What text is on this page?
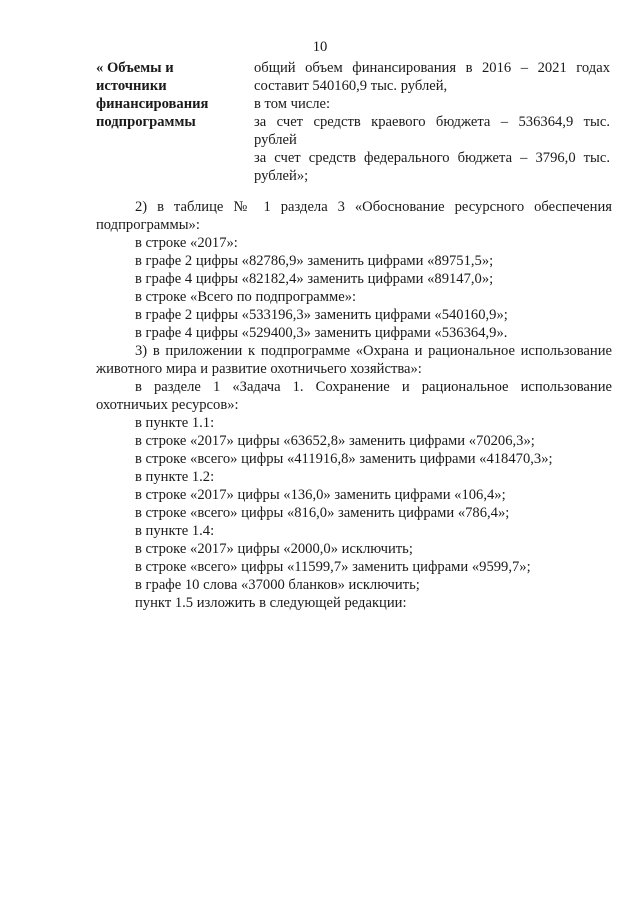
10
« Объемы и
источники
финансирования
подпрограммы
общий объем финансирования в 2016 – 2021 годах
составит 540160,9 тыс. рублей,
в том числе:
за счет средств краевого бюджета – 536364,9 тыс.
рублей
за счет средств федерального бюджета – 3796,0 тыс.
рублей»;
2) в таблице № 1 раздела 3 «Обоснование ресурсного обеспечения
подпрограммы»:
в строке «2017»:
в графе 2 цифры «82786,9» заменить цифрами «89751,5»;
в графе 4 цифры «82182,4» заменить цифрами «89147,0»;
в строке «Всего по подпрограмме»:
в графе 2 цифры «533196,3» заменить цифрами «540160,9»;
в графе 4 цифры «529400,3» заменить цифрами «536364,9».
3) в приложении к подпрограмме «Охрана и рациональное использование
животного мира и развитие охотничьего хозяйства»:
в разделе 1 «Задача 1. Сохранение и рациональное использование
охотничьих ресурсов»:
в пункте 1.1:
в строке «2017» цифры «63652,8» заменить цифрами «70206,3»;
в строке «всего» цифры «411916,8» заменить цифрами «418470,3»;
в пункте 1.2:
в строке «2017» цифры «136,0» заменить цифрами «106,4»;
в строке «всего» цифры «816,0» заменить цифрами «786,4»;
в пункте 1.4:
в строке «2017» цифры «2000,0» исключить;
в строке «всего» цифры «11599,7» заменить цифрами «9599,7»;
в графе 10 слова «37000 бланков» исключить;
пункт 1.5 изложить в следующей редакции:
